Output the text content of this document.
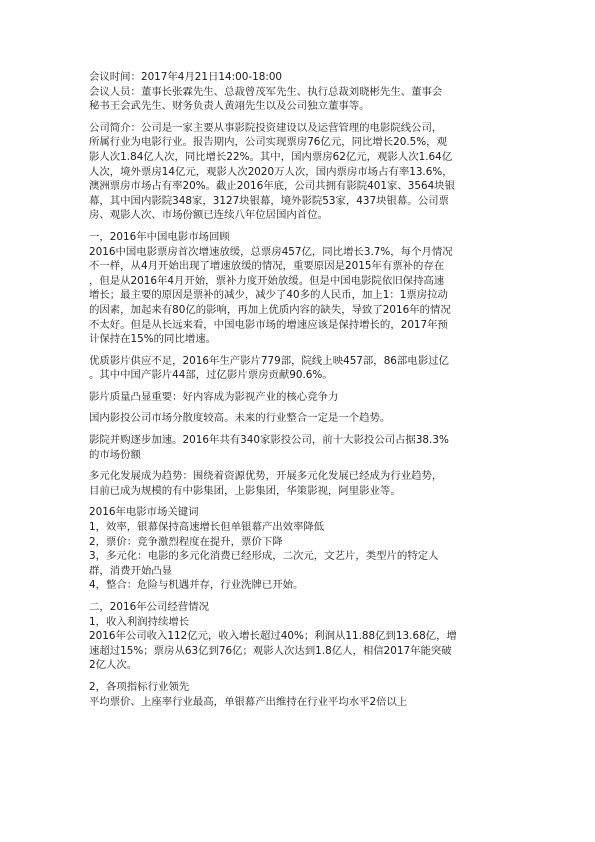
会议时间：2017年4月21日14:00-18:00
会议人员：董事长张霖先生、总裁曾茂军先生、执行总裁刘晓彬先生、董事会
秘书王会武先生、财务负责人黄翊先生以及公司独立董事等。
公司简介：公司是一家主要从事影院投资建设以及运营管理的电影院线公司，
所属行业为电影行业。报告期内，公司实现票房76亿元，同比增长20.5%，观
影人次1.84亿人次，同比增长22%。其中，国内票房62亿元，观影人次1.64亿
人次，境外票房14亿元，观影人次2020万人次，国内票房市场占有率13.6%，
澳洲票房市场占有率20%。截止2016年底，公司共拥有影院401家、3564块银
幕，其中国内影院348家，3127块银幕，境外影院53家，437块银幕。公司票
房、观影人次、市场份额已连续八年位居国内首位。
一，2016年中国电影市场回顾
2016中国电影票房首次增速放缓，总票房457亿，同比增长3.7%，每个月情况
不一样，从4月开始出现了增速放缓的情况，重要原因是2015年有票补的存在
，但是从2016年4月开始，票补力度开始放缓。但是中国电影院依旧保持高速
增长；最主要的原因是票补的减少，减少了40多的人民币，加上1：1票房拉动
的因素，加起来有80亿的影响，再加上优质内容的缺失，导致了2016年的情况
不太好。但是从长远来看，中国电影市场的增速应该是保持增长的，2017年预
计保持在15%的同比增速。
优质影片供应不足，2016年生产影片779部，院线上映457部，86部电影过亿
。其中中国产影片44部，过亿影片票房贡献90.6%。
影片质量凸显重要：好内容成为影视产业的核心竞争力
国内影投公司市场分散度较高。未来的行业整合一定是一个趋势。
影院并购逐步加速。2016年共有340家影投公司，前十大影投公司占据38.3%
的市场份额
多元化发展成为趋势：围绕着资源优势，开展多元化发展已经成为行业趋势，
目前已成为规模的有中影集团，上影集团，华策影视，阿里影业等。
2016年电影市场关键词
1，效率，银幕保持高速增长但单银幕产出效率降低
2，票价：竞争激烈程度在提升，票价下降
3，多元化：电影的多元化消费已经形成，二次元，文艺片，类型片的特定人
群，消费开始凸显
4，整合：危险与机遇并存，行业洗牌已开始。
二，2016年公司经营情况
1，收入利润持续增长
2016年公司收入112亿元，收入增长超过40%；利润从11.88亿到13.68亿，增
速超过15%；票房从63亿到76亿；观影人次达到1.8亿人，相信2017年能突破
2亿人次。
2，各项指标行业领先
平均票价、上座率行业最高，单银幕产出维持在行业平均水平2倍以上
